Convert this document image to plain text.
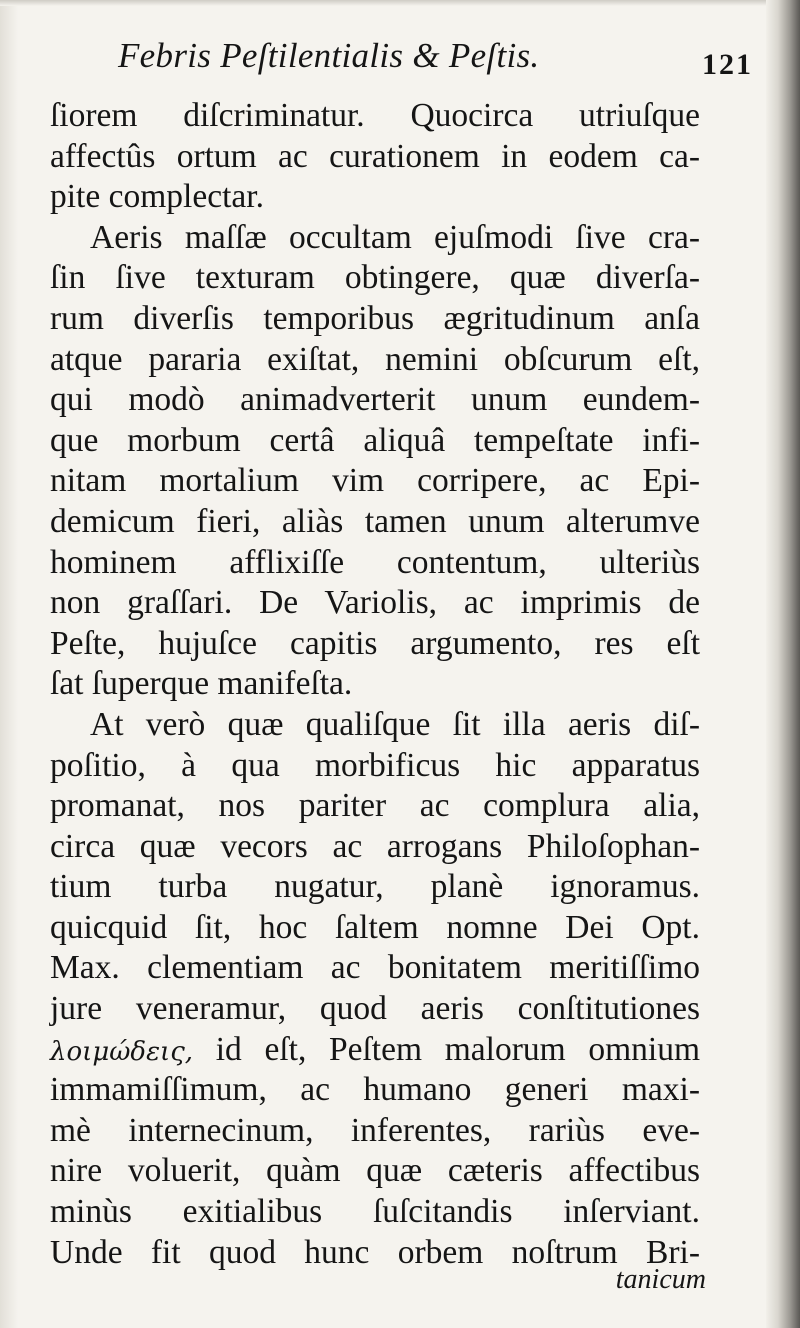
Febris Peſtilentialis & Peſtis.	121
ſiorem diſcriminatur. Quocirca utriuſque
affectûs ortum ac curationem in eodem ca-
pite complectar.
Aeris maſſæ occultam ejuſmodi ſive cra-
ſin ſive texturam obtingere, quæ diverſa-
rum diverſis temporibus ægritudinum anſa
atque pararia exiſtat, nemini obſcurum eſt,
qui modò animadverterit unum eundem-
que morbum certâ aliquâ tempeſtate infi-
nitam mortalium vim corripere, ac Epi-
demicum fieri, aliàs tamen unum alterumve
hominem afflixiſſe contentum, ulteriùs
non graſſari. De Variolis, ac imprimis de
Peſte, hujuſce capitis argumento, res eſt
ſat ſuperque manifeſta.
At verò quæ qualiſque ſit illa aeris diſ-
poſitio, à qua morbificus hic apparatus
promanat, nos pariter ac complura alia,
circa quæ vecors ac arrogans Philoſophan-
tium turba nugatur, planè ignoramus.
quicquid ſit, hoc ſaltem nomne Dei Opt.
Max. clementiam ac bonitatem meritiſſimo
jure veneramur, quod aeris conſtitutiones
λοιμώδεις, id eſt, Peſtem malorum omnium
immamiſſimum, ac humano generi maxi-
mè internecinum, inferentes, rariùs eve-
nire voluerit, quàm quæ cæteris affectibus
minùs exitialibus ſuſcitandis inſerviant.
Unde fit quod hunc orbem noſtrum Bri-
tanicum
